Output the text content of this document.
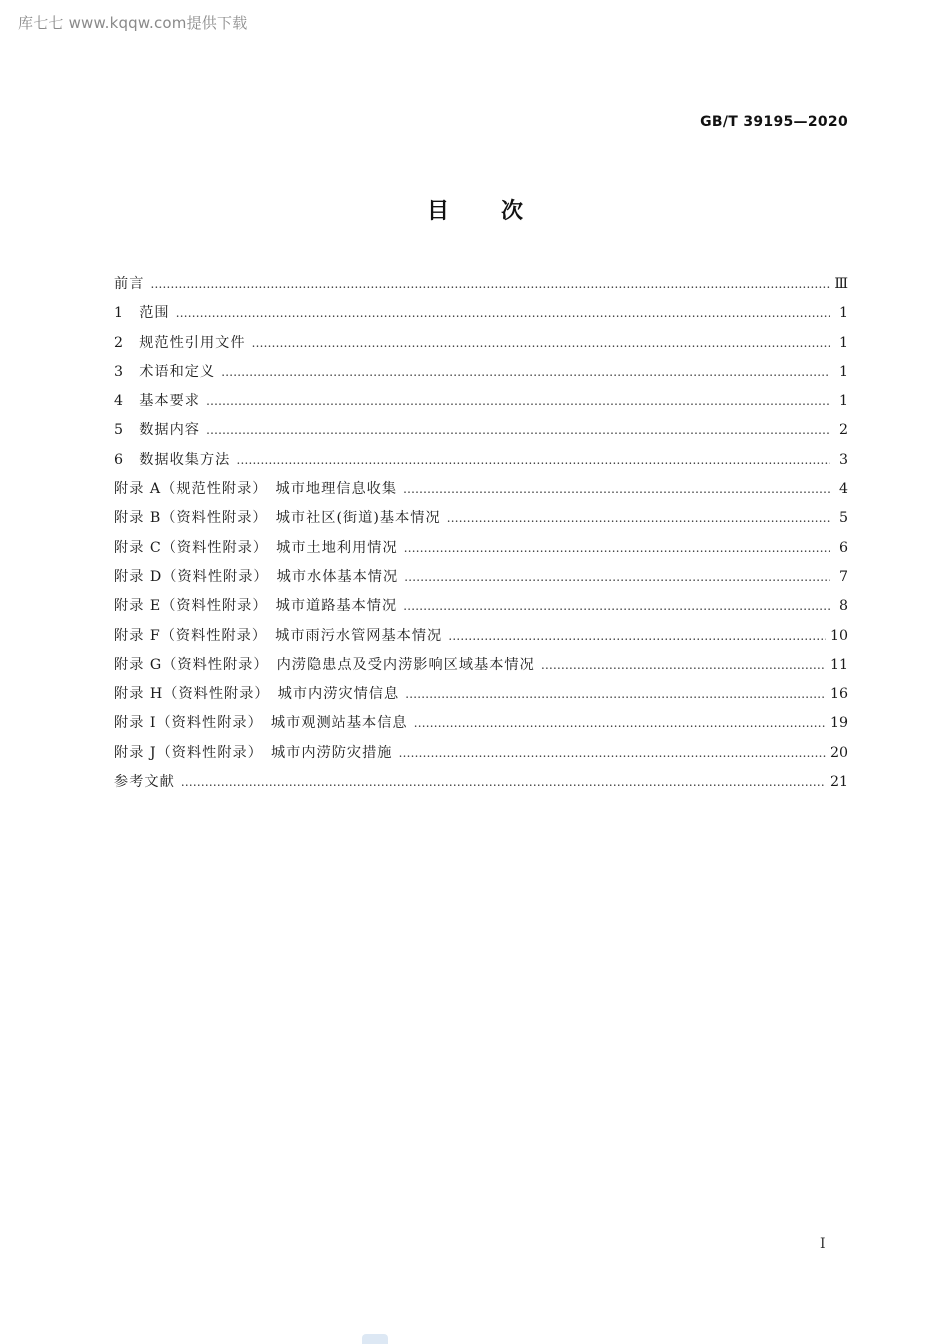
库七七 www.kqqw.com提供下载
GB/T 39195—2020
目次
前言 ……………………………………………………………………………………………………………………………………………………………………………………………………………………………………………………………………………………	Ⅲ
1　范围 ……………………………………………………………………………………………………………………………………………………………………………………………………………………………………………………………………………………	1
2　规范性引用文件 ……………………………………………………………………………………………………………………………………………………………………………………………………………………………………………………………………………………	1
3　术语和定义 ……………………………………………………………………………………………………………………………………………………………………………………………………………………………………………………………………………………	1
4　基本要求 ……………………………………………………………………………………………………………………………………………………………………………………………………………………………………………………………………………………	1
5　数据内容 ……………………………………………………………………………………………………………………………………………………………………………………………………………………………………………………………………………………	2
6　数据收集方法 ……………………………………………………………………………………………………………………………………………………………………………………………………………………………………………………………………………………	3
附录 A（规范性附录）　城市地理信息收集 ……………………………………………………………………………………………………………………………………………………………………………………………………………………………………………………………………………………	4
附录 B（资料性附录）　城市社区(街道)基本情况 ……………………………………………………………………………………………………………………………………………………………………………………………………………………………………………………………………………………	5
附录 C（资料性附录）　城市土地利用情况 ……………………………………………………………………………………………………………………………………………………………………………………………………………………………………………………………………………………	6
附录 D（资料性附录）　城市水体基本情况 ……………………………………………………………………………………………………………………………………………………………………………………………………………………………………………………………………………………	7
附录 E（资料性附录）　城市道路基本情况 ……………………………………………………………………………………………………………………………………………………………………………………………………………………………………………………………………………………	8
附录 F（资料性附录）　城市雨污水管网基本情况 ……………………………………………………………………………………………………………………………………………………………………………………………………………………………………………………………………………………	10
附录 G（资料性附录）　内涝隐患点及受内涝影响区域基本情况 ……………………………………………………………………………………………………………………………………………………………………………………………………………………………………………………………………………………	11
附录 H（资料性附录）　城市内涝灾情信息 ……………………………………………………………………………………………………………………………………………………………………………………………………………………………………………………………………………………	16
附录 I（资料性附录）　城市观测站基本信息 ……………………………………………………………………………………………………………………………………………………………………………………………………………………………………………………………………………………	19
附录 J（资料性附录）　城市内涝防灾措施 ……………………………………………………………………………………………………………………………………………………………………………………………………………………………………………………………………………………	20
参考文献 ……………………………………………………………………………………………………………………………………………………………………………………………………………………………………………………………………………………	21
I
